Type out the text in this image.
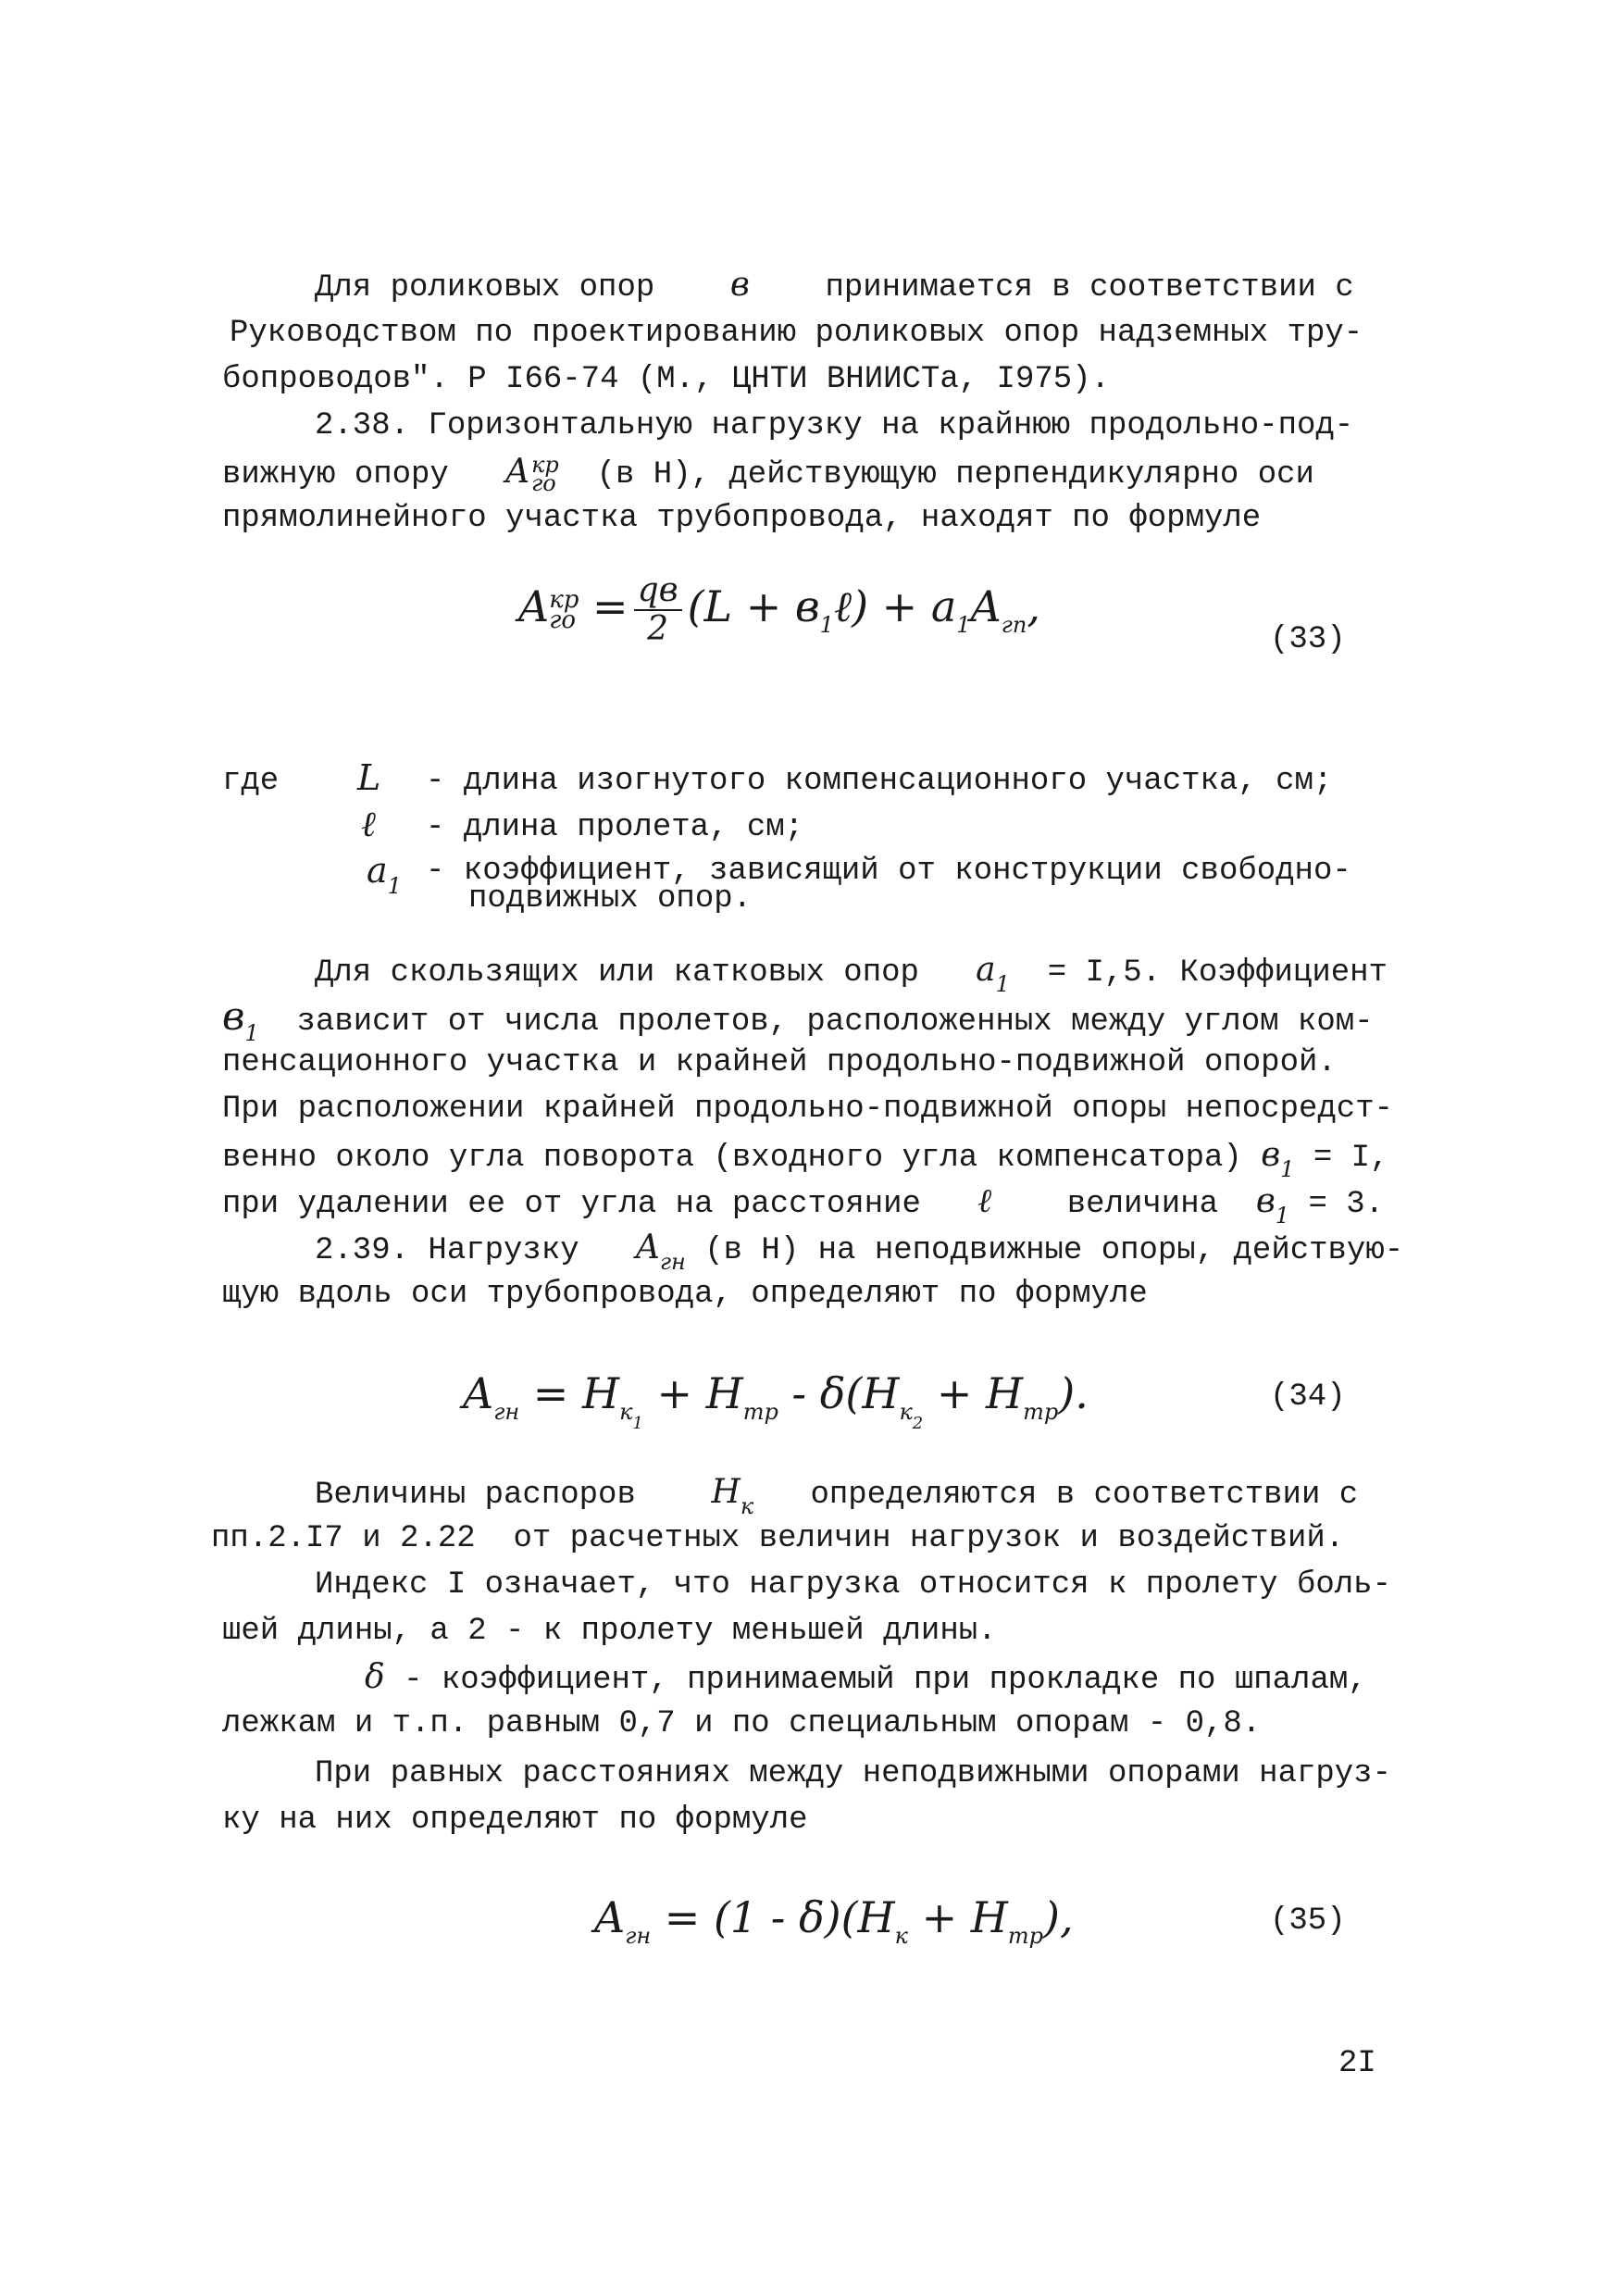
Для роликовых опор в принимается в соответствии с
Руководством по проектированию роликовых опор надземных тру-
бопроводов". Р I66-74 (М., ЦНТИ ВНИИСТа, I975).
2.38. Горизонтальную нагрузку на крайнюю продольно-под-
вижную опору A кр
го (в Н), действующую перпендикулярно оси
прямолинейного участка трубопровода, находят по формуле
A кр
го = $\frac{qв}{2} (L$ + $в_1\ell) + a_1A_{гп}$,
(33)
где L - длина изогнутого компенсационного участка, см;
ℓ - длина пролета, см;
$a_1$ - коэффициент, зависящий от конструкции свободно-
подвижных опор.
Для скользящих или катковых опор $a_1 = I,5$. Коэффициент
$в_1$ зависит от числа пролетов, расположенных между углом ком-
пенсационного участка и крайней продольно-подвижной опорой.
При расположении крайней продольно-подвижной опоры непосредст-
венно около угла поворота (входного угла компенсатора) $в_1 = I$,
при удалении ее от угла на расстояние ℓ величина $в_1 = 3$.
2.39. Нагрузку $A_{гн}$ (в Н) на неподвижные опоры, действую-
щую вдоль оси трубопровода, определяют по формуле
$A_{гн} = H_{к1} + H_{тр} - \delta(H_{к2} + H_{тр})$.	(34)
Величины распоров $H_к$ определяются в соответствии с
пп.2.I7 и 2.22  от расчетных величин нагрузок и воздействий.
Индекс I означает, что нагрузка относится к пролету боль-
шей длины, а 2 - к пролету меньшей длины.
δ - коэффициент, принимаемый при прокладке по шпалам,
лежкам и т.п. равным 0,7 и по специальным опорам - 0,8.
При равных расстояниях между неподвижными опорами нагруз-
ку на них определяют по формуле
$A_{гн} = (1 - \delta)(H_к + H_{тр})$,	(35)
2I
